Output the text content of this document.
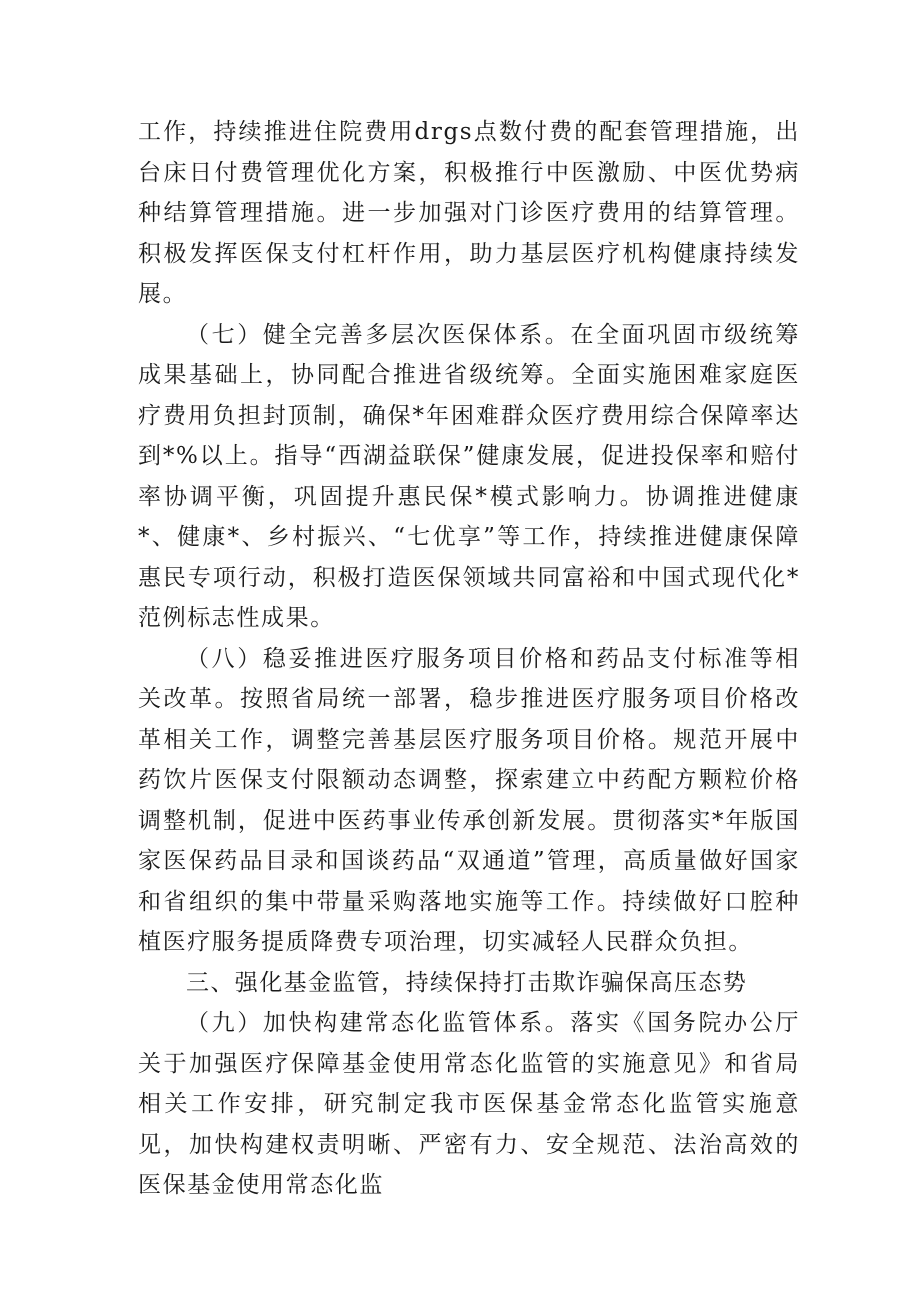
工作，持续推进住院费用drgs点数付费的配套管理措施，出台床日付费管理优化方案，积极推行中医激励、中医优势病种结算管理措施。进一步加强对门诊医疗费用的结算管理。积极发挥医保支付杠杆作用，助力基层医疗机构健康持续发展。

（七）健全完善多层次医保体系。在全面巩固市级统筹成果基础上，协同配合推进省级统筹。全面实施困难家庭医疗费用负担封顶制，确保*年困难群众医疗费用综合保障率达到*%以上。指导“西湖益联保”健康发展，促进投保率和赔付率协调平衡，巩固提升惠民保*模式影响力。协调推进健康*、健康*、乡村振兴、“七优享”等工作，持续推进健康保障惠民专项行动，积极打造医保领域共同富裕和中国式现代化*范例标志性成果。

（八）稳妥推进医疗服务项目价格和药品支付标准等相关改革。按照省局统一部署，稳步推进医疗服务项目价格改革相关工作，调整完善基层医疗服务项目价格。规范开展中药饮片医保支付限额动态调整，探索建立中药配方颗粒价格调整机制，促进中医药事业传承创新发展。贯彻落实*年版国家医保药品目录和国谈药品“双通道”管理，高质量做好国家和省组织的集中带量采购落地实施等工作。持续做好口腔种植医疗服务提质降费专项治理，切实减轻人民群众负担。

三、强化基金监管，持续保持打击欺诈骗保高压态势

（九）加快构建常态化监管体系。落实《国务院办公厅关于加强医疗保障基金使用常态化监管的实施意见》和省局相关工作安排，研究制定我市医保基金常态化监管实施意见，加快构建权责明晰、严密有力、安全规范、法治高效的医保基金使用常态化监
